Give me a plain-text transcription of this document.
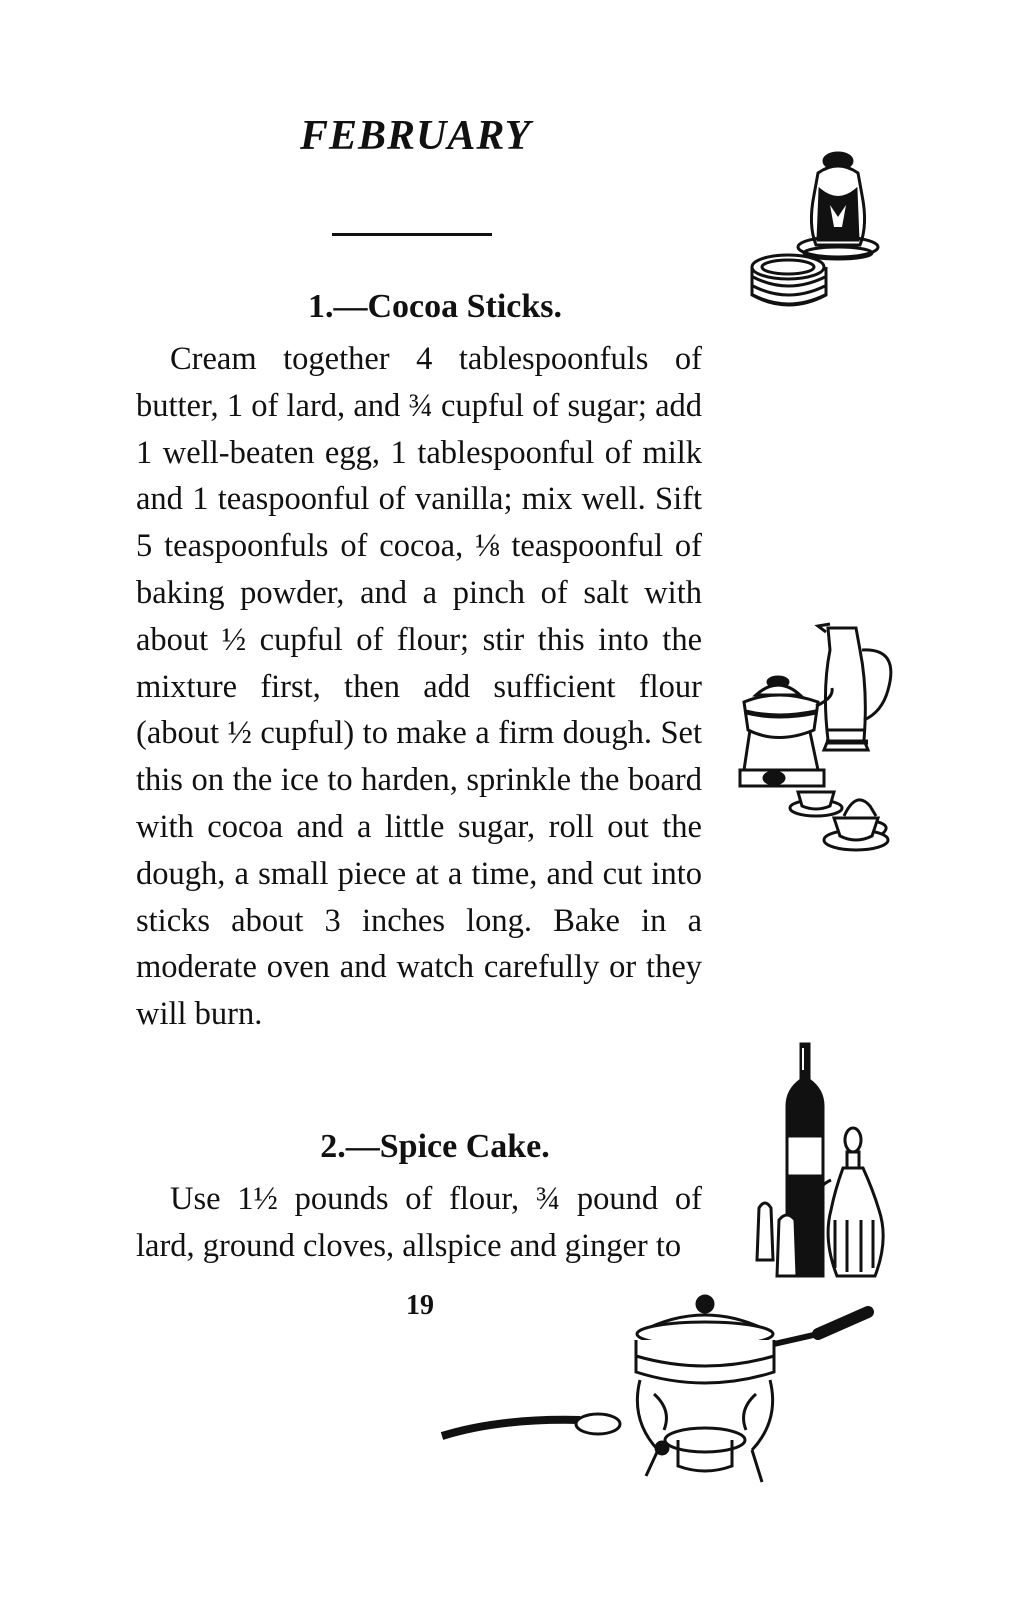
FEBRUARY
1.—Cocoa Sticks.

Cream together 4 tablespoonfuls of butter, 1 of lard, and ¾ cupful of sugar; add 1 well-beaten egg, 1 tablespoonful of milk and 1 teaspoonful of vanilla; mix well. Sift 5 teaspoonfuls of cocoa, ⅛ teaspoonful of baking powder, and a pinch of salt with about ½ cupful of flour; stir this into the mixture first, then add sufficient flour (about ½ cupful) to make a firm dough. Set this on the ice to harden, sprinkle the board with cocoa and a little sugar, roll out the dough, a small piece at a time, and cut into sticks about 3 inches long. Bake in a moderate oven and watch carefully or they will burn.

2.—Spice Cake.

Use 1½ pounds of flour, ¾ pound of lard, ground cloves, allspice and ginger to

19
